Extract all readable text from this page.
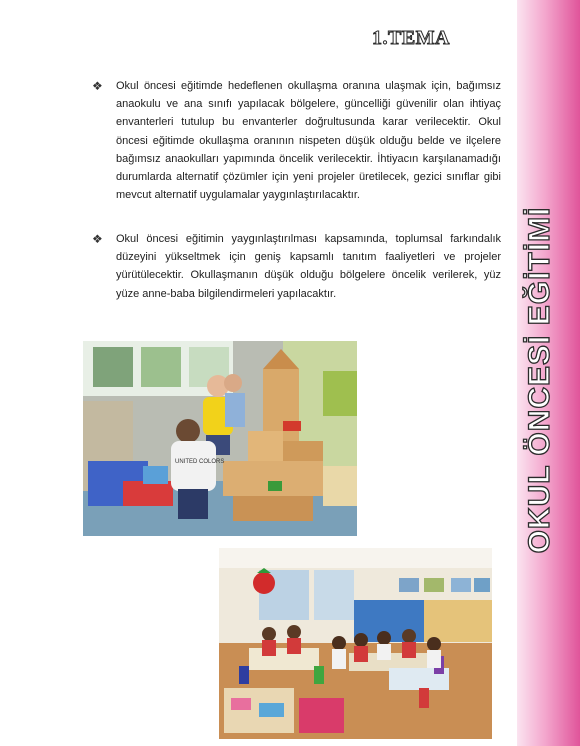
OKUL ÖNCESİ EĞİTİMİ
1.TEMA
❖	Okul öncesi eğitimde hedeflenen okullaşma oranına ulaşmak için, bağımsız anaokulu ve ana sınıfı yapılacak bölgelere, güncelliği güvenilir olan ihtiyaç envanterleri tutulup bu envanterler doğrultusunda karar verilecektir. Okul öncesi eğitimde okullaşma oranının nispeten düşük olduğu belde ve ilçelere bağımsız anaokulları yapımında öncelik verilecektir. İhtiyacın karşılanamadığı durumlarda alternatif çözümler için yeni projeler üretilecek, gezici sınıflar gibi mevcut alternatif uygulamalar yaygınlaştırılacaktır.

❖	Okul öncesi eğitimin yaygınlaştırılması kapsamında, toplumsal farkındalık düzeyini yükseltmek için geniş kapsamlı tanıtım faaliyetleri ve projeler yürütülecektir. Okullaşmanın düşük olduğu bölgelere öncelik verilerek, yüz yüze anne-baba bilgilendirmeleri yapılacaktır.

UNITED COLORS
